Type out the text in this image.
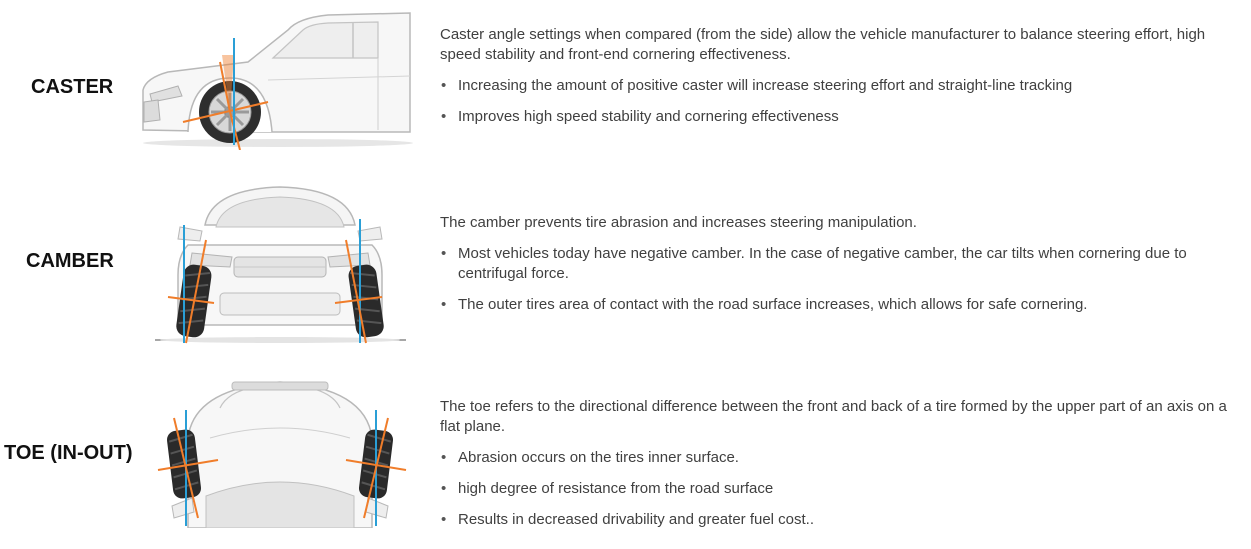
CASTER

Caster angle settings when compared (from the side) allow the vehicle manufacturer to balance steering effort, high speed stability and front-end cornering effectiveness.

• Increasing the amount of positive caster will increase steering effort and straight-line tracking
• Improves high speed stability and cornering effectiveness
CAMBER

The camber prevents tire abrasion and increases steering manipulation.

• Most vehicles today have negative camber. In the case of negative camber, the car tilts when cornering due to centrifugal force.
• The outer tires area of contact with the road surface increases, which allows for safe cornering.
TOE (IN-OUT)

The toe refers to the directional difference between the front and back of a tire formed by the upper part of an axis on a flat plane.

• Abrasion occurs on the tires inner surface.
• high degree of resistance from the road surface
• Results in decreased drivability and greater fuel cost..
